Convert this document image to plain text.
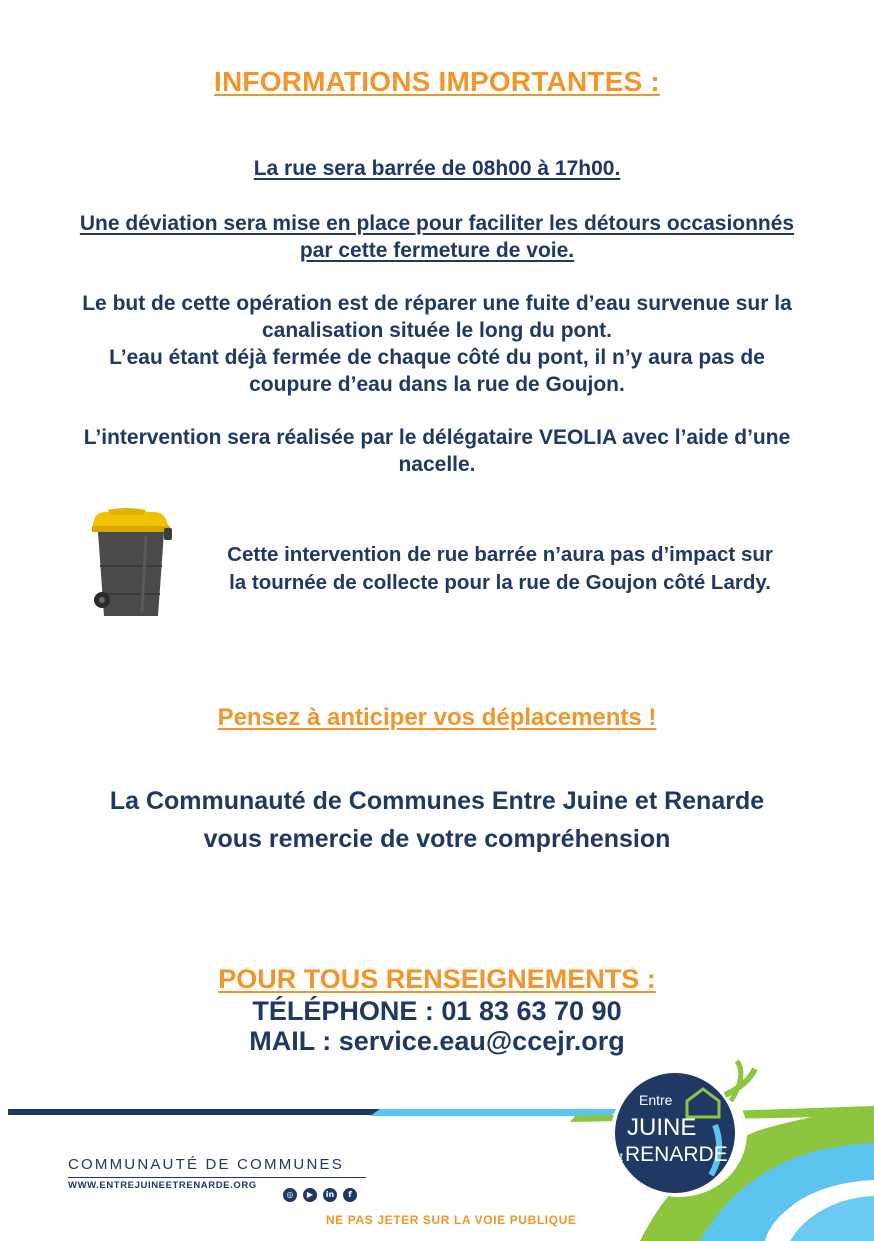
INFORMATIONS IMPORTANTES :
La rue sera barrée de 08h00 à 17h00.
Une déviation sera mise en place pour faciliter les détours occasionnés
par cette fermeture de voie.
Le but de cette opération est de réparer une fuite d’eau survenue sur la
canalisation située le long du pont.
L’eau étant déjà fermée de chaque côté du pont, il n’y aura pas de
coupure d’eau dans la rue de Goujon.
L’intervention sera réalisée par le délégataire VEOLIA avec l’aide d’une
nacelle.
Cette intervention de rue barrée n’aura pas d’impact sur
la tournée de collecte pour la rue de Goujon côté Lardy.
Pensez à anticiper vos déplacements !
La Communauté de Communes Entre Juine et Renarde
vous remercie de votre compréhension
POUR TOUS RENSEIGNEMENTS :
TÉLÉPHONE : 01 83 63 70 90
MAIL : service.eau@ccejr.org
Entre
JUINE
et RENARDE
COMMUNAUTÉ DE COMMUNES
WWW.ENTREJUINEETRENARDE.ORG
◎	▶	in	f
NE PAS JETER SUR LA VOIE PUBLIQUE
